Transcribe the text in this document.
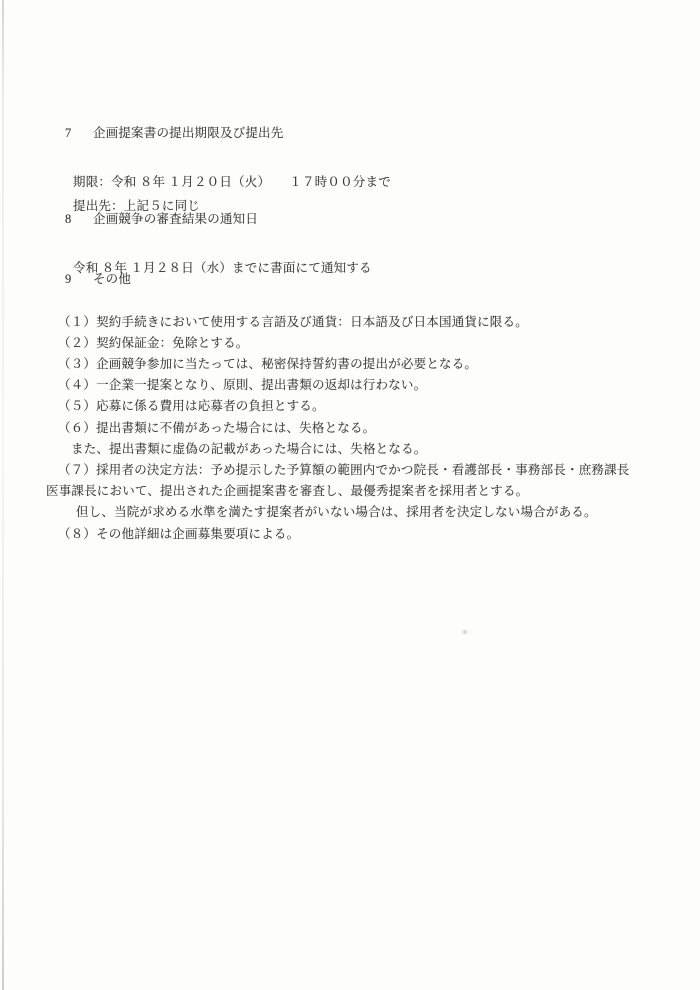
7 企画提案書の提出期限及び提出先

期限：令和 ８年 １月２０日（火）　　１７時００分まで
提出先：上記５に同じ

8 企画競争の審査結果の通知日

令和 ８年 １月２８日（水）までに書面にて通知する

9 その他

（１）契約手続きにおいて使用する言語及び通貨：日本語及び日本国通貨に限る。
（２）契約保証金：免除とする。
（３）企画競争参加に当たっては、秘密保持誓約書の提出が必要となる。
（４）一企業一提案となり、原則、提出書類の返却は行わない。
（５）応募に係る費用は応募者の負担とする。
（６）提出書類に不備があった場合には、失格となる。
また、提出書類に虚偽の記載があった場合には、失格となる。
（７）採用者の決定方法：予め提示した予算額の範囲内でかつ院長・看護部長・事務部長・庶務課長
医事課長において、提出された企画提案書を審査し、最優秀提案者を採用者とする。
但し、当院が求める水準を満たす提案者がいない場合は、採用者を決定しない場合がある。
（８）その他詳細は企画募集要項による。
